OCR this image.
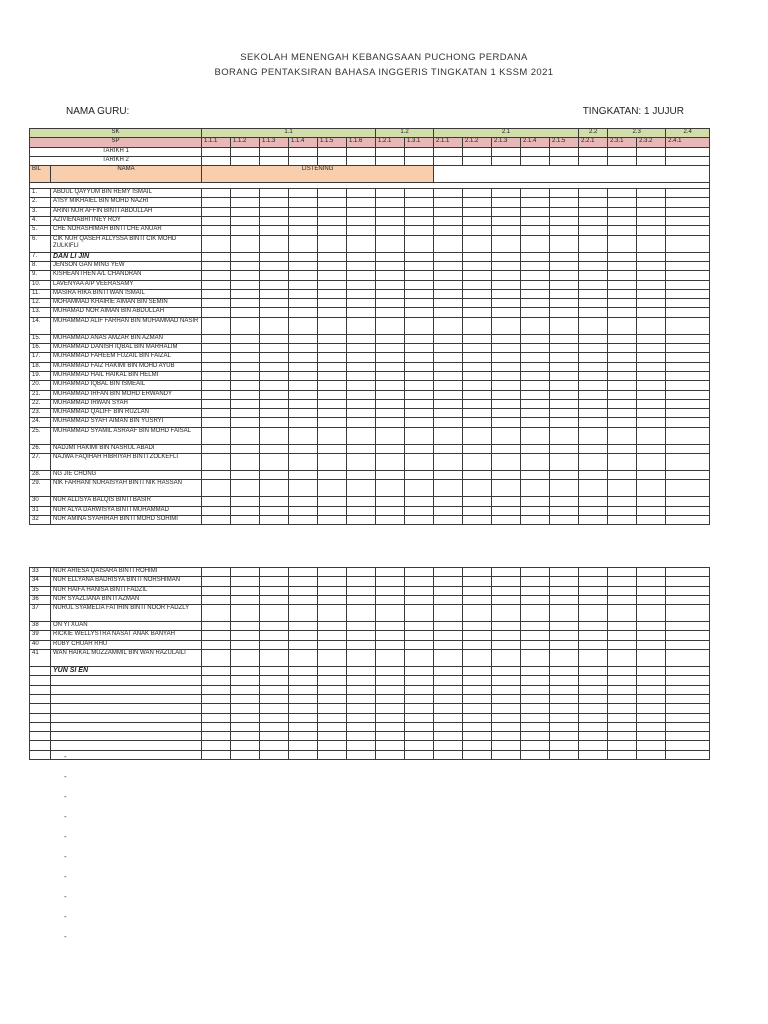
SEKOLAH MENENGAH KEBANGSAAN PUCHONG PERDANA
BORANG PENTAKSIRAN BAHASA INGGERIS TINGKATAN 1 KSSM 2021
NAMA GURU:	TINGKATAN: 1 JUJUR
SK		1.1						1.2		2.1					2.2	2.3		2.4
SP		1.1.1	1.1.2	1.1.3	1.1.4	1.1.5	1.1.6	1.2.1	1.3.1	2.1.1	2.1.2	2.1.3	2.1.4	2.1.5	2.2.1	2.3.1	2.3.2	2.4.1
TARIKH 1																		
TARIKH 2																		
BIL	NAMA	LISTENING																

1.	ABDUL QAYYUM BIN REMY ISMAIL																	
2.	A'ISY MIKHAIEL BIN MOHD NAZRI																	
3.	ARINI NUR AFFIN BINTI ABDULLAH																	
4.	AZIVIENABRITNEY ROY																	
5.	CHE NORASHIMAH BINTI CHE ANUAR																	
6.	CIK NUR QASEH ALLYSSA BINTI CIK MOHD ZULKIFLI																	
7.	DAN LI JIN																	
8.	JENSON GAN MING YEW																	
9.	KISHEANTHEN A/L CHANDRAN																	
10.	LAVENYAA A/P VEERASAMY																	
11.	MASIRA RIKA BINTI WAN ISMAIL																	
12.	MOHAMMAD KHAIRIE AIMAN BIN SEMIN																	
13.	MUHAMAD NOR AIMAN BIN ABDULLAH																	
14.	MUHAMMAD ALIF FARHAN BIN MUHAMMAD NASIR																	
15.	MUHAMMAD ANAS AMZAR BIN AZMAN																	
16.	MUHAMMAD DANISH IQBAL BIN MARHALIM																	
17.	MUHAMMAD FAHEEM FUZAIL BIN FAIZAL																	
18.	MUHAMMAD FAIZ HAKIMI BIN MOHD AYUB																	
19.	MUHAMMAD HAIL HAIKAL BIN HELMI																	
20.	MUHAMMAD IQBAL BIN ISMEAIL																	
21.	MUHAMMAD IRFAN BIN MOHD ERWANDY																	
22.	MUHAMMAD IRWAN SYAH																	
23.	MUHAMMAD QALIFF BIN RUZLAN																	
24.	MUHAMMAD SYAFI AIMAN BIN YUSRYI																	
25.	MUHAMMAD SYAMIL ASRAAF BIN MOHD FAISAL																	
26.	NADJMI HAKIMI BIN NASRUL ABADI																	
27.	NAJWA FAQIHAH HIBRIYAH BINTI ZOLKEFLI																	
28.	NG JIE CHONG																	
29.	NIK FARHANI NURAISYAH BINTI NIK HASSAN																	
30	NUR ALLISYA BALQIS BINTI BASIR																	
31	NUR ALYA DARWISYA BINTI MUHAMMAD																	
32	NUR AMINA SYAHIRAH BINTI MOHD SOHIMI																	
33	NUR ARIESA QAISARA BINTI ROHIMI																	
34	NUR ELLYANA BADRISYA BINTI NORSHIMAN																	
35	NUR HAIFA HANISA BINTI FADZIL																	
36	NUR SYAZLIANA BINTI AZMAN																	
37	NURUL SYAMELIA FATIHIN BINTI NOOR FADZLY																	
38	ON YI XUAN																	
39	RICKIE WELLYSTRA NASAT ANAK BANYAH																	
40	RUBY CHUAH RHU																	
41	WAN HAIKAL MUZZAMMIL BIN WAN RAZULAILI																	
	YUN SI EN																	

-
-
-
-
-
-
-
-
-
-
